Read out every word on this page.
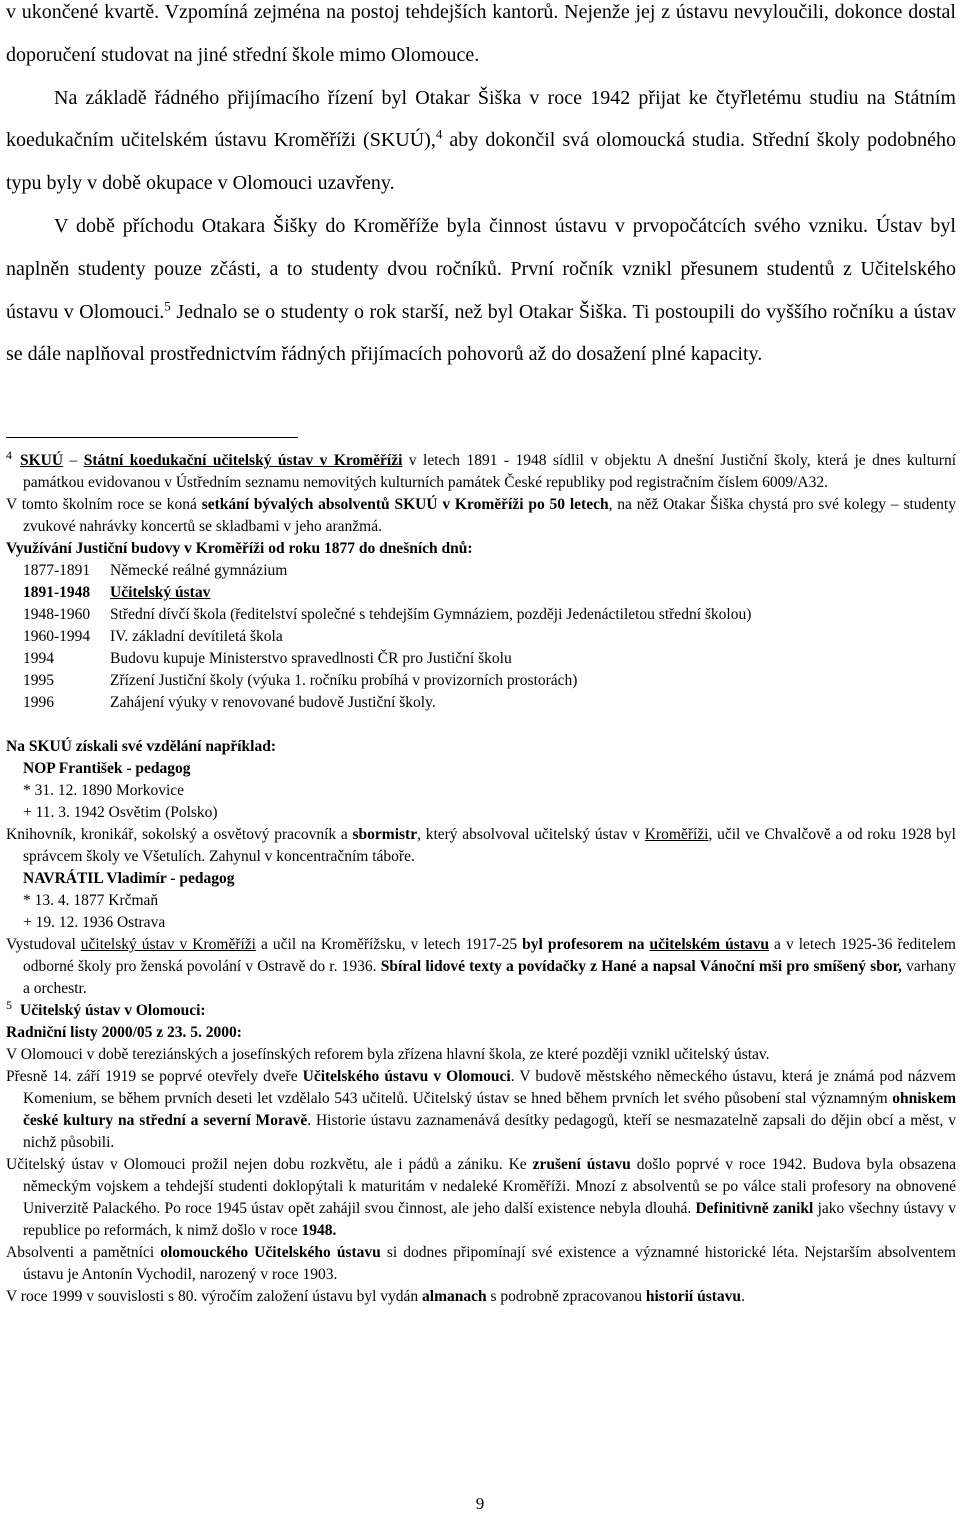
v ukončené kvartě. Vzpomíná zejména na postoj tehdejších kantorů. Nejenže jej z ústavu nevyloučili, dokonce dostal doporučení studovat na jiné střední škole mimo Olomouce.

Na základě řádného přijímacího řízení byl Otakar Šiška v roce 1942 přijat ke čtyřletému studiu na Státním koedukačním učitelském ústavu Kroměříži (SKUÚ),$^4$ aby dokončil svá olomoucká studia. Střední školy podobného typu byly v době okupace v Olomouci uzavřeny.

V době příchodu Otakara Šišky do Kroměříže byla činnost ústavu v prvopočátcích svého vzniku. Ústav byl naplněn studenty pouze zčásti, a to studenty dvou ročníků. První ročník vznikl přesunem studentů z Učitelského ústavu v Olomouci.$^5$ Jednalo se o studenty o rok starší, než byl Otakar Šiška. Ti postoupili do vyššího ročníku a ústav se dále naplňoval prostřednictvím řádných přijímacích pohovorů až do dosažení plné kapacity.

$^4$ SKUÚ – Státní koedukační učitelský ústav v Kroměříži v letech 1891 - 1948 sídlil v objektu A dnešní Justiční školy, která je dnes kulturní památkou evidovanou v Ústředním seznamu nemovitých kulturních památek České republiky pod registračním číslem 6009/A32.

V tomto školním roce se koná setkání bývalých absolventů SKUÚ v Kroměříži po 50 letech, na něž Otakar Šiška chystá pro své kolegy – studenty zvukové nahrávky koncertů se skladbami v jeho aranžmá.

Využívání Justiční budovy v Kroměříži od roku 1877 do dnešních dnů:

1877-1891 Německé reálné gymnázium

1891-1948 Učitelský ústav

1948-1960 Střední dívčí škola (ředitelství společné s tehdejším Gymnáziem, později Jedenáctiletou střední školou)

1960-1994 IV. základní devítiletá škola

1994	Budovu kupuje Ministerstvo spravedlnosti ČR pro Justiční školu

1995	Zřízení Justiční školy (výuka 1. ročníku probíhá v provizorních prostorách)

1996	Zahájení výuky v renovované budově Justiční školy.

Na SKUÚ získali své vzdělání například:

NOP František - pedagog

* 31. 12. 1890 Morkovice

+ 11. 3. 1942 Osvětim (Polsko)

Knihovník, kronikář, sokolský a osvětový pracovník a sbormistr, který absolvoval učitelský ústav v Kroměříži, učil ve Chvalčově a od roku 1928 byl správcem školy ve Všetulích. Zahynul v koncentračním tábořе.

NAVRÁTIL Vladimír - pedagog

* 13. 4. 1877 Krčmaň

+ 19. 12. 1936 Ostrava

Vystudoval učitelský ústav v Kroměříži a učil na Kroměřížsku, v letech 1917-25 byl profesorem na učitelském ústavu a v letech 1925-36 ředitelem odborné školy pro ženská povolání v Ostravě do r. 1936. Sbíral lidové texty a povídačky z Hané a napsal Vánoční mši pro smíšený sbor, varhany a orchestr.

$^5$ Učitelský ústav v Olomouci:

Radniční listy 2000/05 z 23. 5. 2000:

V Olomouci v době tereziánských a josefínských reforem byla zřízena hlavní škola, ze které později vznikl učitelský ústav.

Přesně 14. září 1919 se poprvé otevřely dveře Učitelského ústavu v Olomouci. V budově městského německého ústavu, která je známá pod názvem Komenium, se během prvních deseti let vzdělalo 543 učitelů. Učitelský ústav se hned během prvních let svého působení stal významným ohniskem české kultury na střední a severní Moravě. Historie ústavu zaznamenává desítky pedagogů, kteří se nesmazatelně zapsali do dějin obcí a měst, v nichž působili.

Učitelský ústav v Olomouci prožil nejen dobu rozkvětu, ale i pádů a zániku. Ke zrušení ústavu došlo poprvé v roce 1942. Budova byla obsazena německým vojskem a tehdejší studenti doklopýtali k maturitám v nedaleké Kroměříži. Mnozí z absolventů se po válce stali profesory na obnovené Univerzitě Palackého. Po roce 1945 ústav opět zahájil svou činnost, ale jeho další existence nebyla dlouhá. Definitivně zanikl jako všechny ústavy v republice po reformách, k nimž došlo v roce 1948.

Absolventi a pamětníci olomouckého Učitelského ústavu si dodnes připomínají své existence a významné historické léta. Nejstarším absolventem ústavu je Antonín Vychodil, narozený v roce 1903.

V roce 1999 v souvislosti s 80. výročím založení ústavu byl vydán almanach s podrobně zpracovanou historií ústavu.

9
